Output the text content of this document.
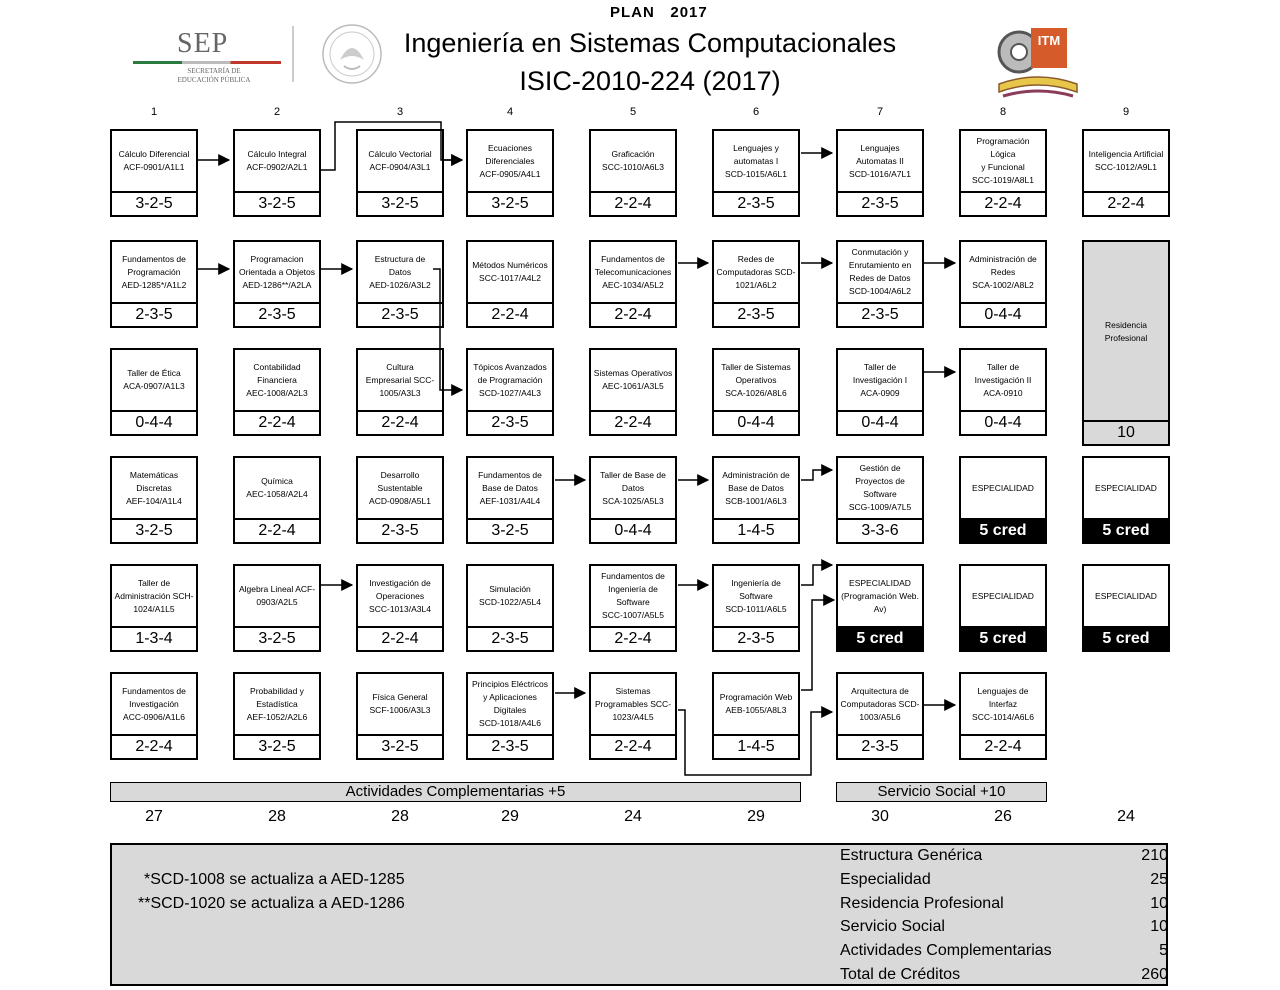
PLAN 2017
Ingeniería en Sistemas Computacionales
ISIC-2010-224 (2017)
SEP
SECRETARÍA DE
EDUCACIÓN PÚBLICA
ITM
1	2	3	4	5	6	7	8	9
Cálculo Diferencial
ACF-0901/A1L1
3-2-5
Cálculo Integral
ACF-0902/A2L1
3-2-5
Cálculo Vectorial
ACF-0904/A3L1
3-2-5
Ecuaciones
Diferenciales
ACF-0905/A4L1
3-2-5
Graficación
SCC-1010/A6L3
2-2-4
Lenguajes y
automatas I
SCD-1015/A6L1
2-3-5
Lenguajes
Automatas II
SCD-1016/A7L1
2-3-5
Programación Lógica
y Funcional
SCC-1019/A8L1
2-2-4
Inteligencia Artificial
SCC-1012/A9L1
2-2-4
Fundamentos de
Programación
AED-1285*/A1L2
2-3-5
Programacion
Orientada a Objetos
AED-1286**/A2LA
2-3-5
Estructura de
Datos
AED-1026/A3L2
2-3-5
Métodos Numéricos
SCC-1017/A4L2
2-2-4
Fundamentos de
Telecomunicaciones
AEC-1034/A5L2
2-2-4
Redes de
Computadoras SCD-
1021/A6L2
2-3-5
Conmutación y
Enrutamiento en
Redes de Datos
SCD-1004/A6L2
2-3-5
Administración de
Redes
SCA-1002/A8L2
0-4-4
Taller de Ética
ACA-0907/A1L3
0-4-4
Contabilidad
Financiera
AEC-1008/A2L3
2-2-4
Cultura
Empresarial SCC-
1005/A3L3
2-2-4
Tópicos Avanzados
de Programación
SCD-1027/A4L3
2-3-5
Sistemas Operativos
AEC-1061/A3L5
2-2-4
Taller de Sistemas
Operativos
SCA-1026/A8L6
0-4-4
Taller de
Investigación I
ACA-0909
0-4-4
Taller de
Investigación II
ACA-0910
0-4-4
Matemáticas
Discretas
AEF-104/A1L4
3-2-5
Química
AEC-1058/A2L4
2-2-4
Desarrollo
Sustentable
ACD-0908/A5L1
2-3-5
Fundamentos de
Base de Datos
AEF-1031/A4L4
3-2-5
Taller de Base de
Datos
SCA-1025/A5L3
0-4-4
Administración de
Base de Datos
SCB-1001/A6L3
1-4-5
Gestión de
Proyectos de
Software
SCG-1009/A7L5
3-3-6
ESPECIALIDAD
5 cred
ESPECIALIDAD
5 cred
Taller de
Administración SCH-
1024/A1L5
1-3-4
Algebra Lineal ACF-
0903/A2L5
3-2-5
Investigación de
Operaciones
SCC-1013/A3L4
2-2-4
Simulación
SCD-1022/A5L4
2-3-5
Fundamentos de
Ingeniería de
Software
SCC-1007/A5L5
2-2-4
Ingeniería de
Software
SCD-1011/A6L5
2-3-5
ESPECIALIDAD
(Programación Web.
Av)
5 cred
ESPECIALIDAD
5 cred
ESPECIALIDAD
5 cred
Fundamentos de
Investigación
ACC-0906/A1L6
2-2-4
Probabilidad y
Estadística
AEF-1052/A2L6
3-2-5
Física General
SCF-1006/A3L3
3-2-5
Principios Eléctricos
y Aplicaciones
Digitales
SCD-1018/A4L6
2-3-5
Sistemas
Programables SCC-
1023/A4L5
2-2-4
Programación Web
AEB-1055/A8L3
1-4-5
Arquitectura de
Computadoras SCD-
1003/A5L6
2-3-5
Lenguajes de
Interfaz
SCC-1014/A6L6
2-2-4
Residencia
Profesional
10
Actividades Complementarias +5	Servicio Social +10
27	28	28	29	24	29	30	26	24
*SCD-1008 se actualiza a AED-1285
**SCD-1020 se actualiza a AED-1286
Estructura Genérica	210
Especialidad	25
Residencia Profesional	10
Servicio Social	10
Actividades Complementarias	5
Total de Créditos	260
